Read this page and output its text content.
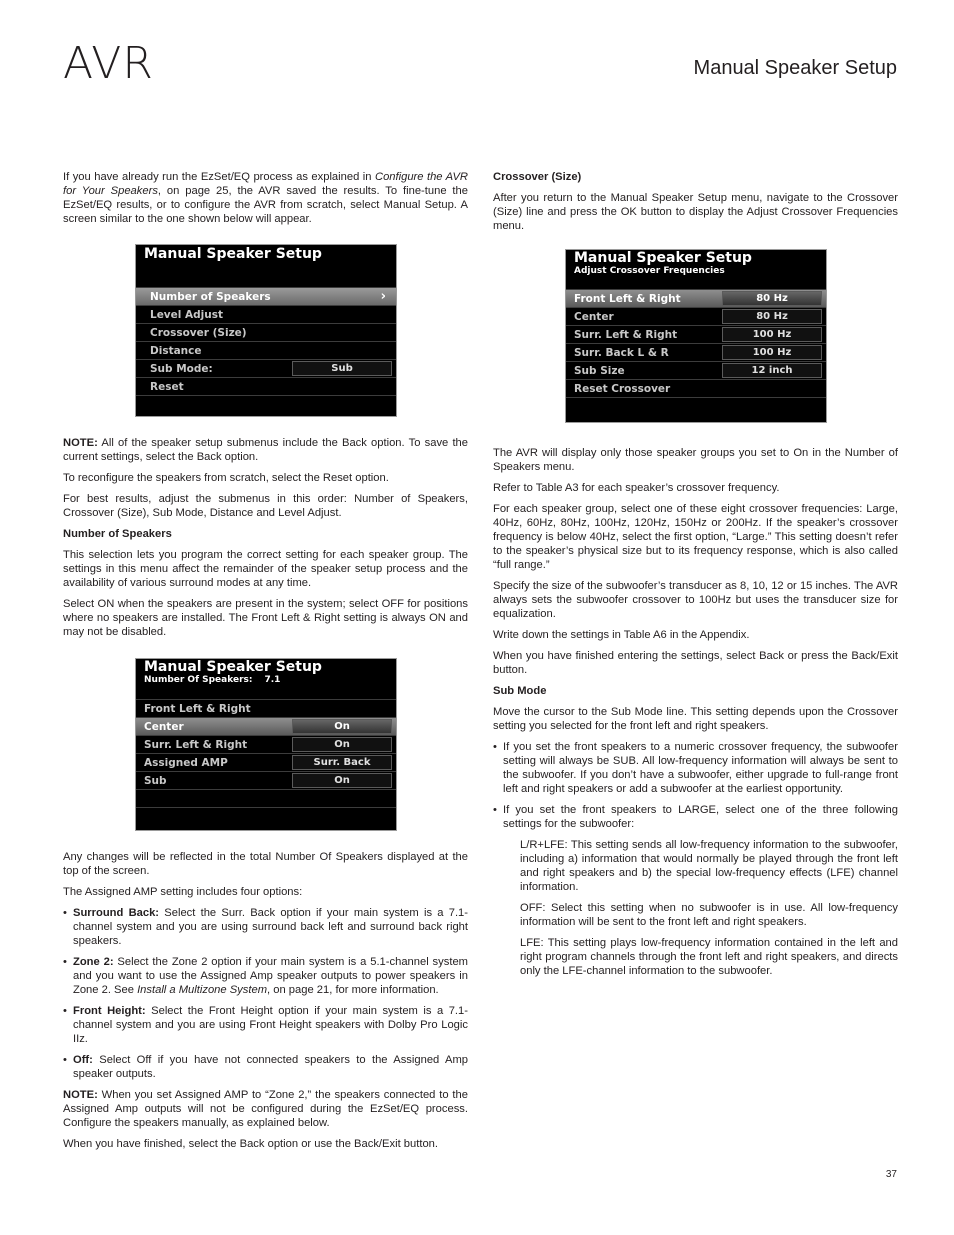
AVR	Manual Speaker Setup

If you have already run the EzSet/EQ process as explained in Configure the AVR for Your Speakers, on page 25, the AVR saved the results. To fine-tune the EzSet/EQ results, or to configure the AVR from scratch, select Manual Setup. A screen similar to the one shown below will appear.

Manual Speaker Setup
Number of Speakers	›
Level Adjust
Crossover (Size)
Distance
Sub Mode:	Sub
Reset

NOTE: All of the speaker setup submenus include the Back option. To save the current settings, select the Back option.

To reconfigure the speakers from scratch, select the Reset option.

For best results, adjust the submenus in this order: Number of Speakers, Crossover (Size), Sub Mode, Distance and Level Adjust.

Number of Speakers

This selection lets you program the correct setting for each speaker group. The settings in this menu affect the remainder of the speaker setup process and the availability of various surround modes at any time.

Select ON when the speakers are present in the system; select OFF for positions where no speakers are installed. The Front Left & Right setting is always ON and may not be disabled.

Manual Speaker Setup
Number Of Speakers: 7.1
Front Left & Right
Center	On
Surr. Left & Right	On
Assigned AMP	Surr. Back
Sub	On

Any changes will be reflected in the total Number Of Speakers displayed at the top of the screen.

The Assigned AMP setting includes four options:

• Surround Back: Select the Surr. Back option if your main system is a 7.1-channel system and you are using surround back left and surround back right speakers.
• Zone 2: Select the Zone 2 option if your main system is a 5.1-channel system and you want to use the Assigned Amp speaker outputs to power speakers in Zone 2. See Install a Multizone System, on page 21, for more information.
• Front Height: Select the Front Height option if your main system is a 7.1-channel system and you are using Front Height speakers with Dolby Pro Logic IIz.
• Off: Select Off if you have not connected speakers to the Assigned Amp speaker outputs.

NOTE: When you set Assigned AMP to “Zone 2,” the speakers connected to the Assigned Amp outputs will not be configured during the EzSet/EQ process. Configure the speakers manually, as explained below.

When you have finished, select the Back option or use the Back/Exit button.

Crossover (Size)

After you return to the Manual Speaker Setup menu, navigate to the Crossover (Size) line and press the OK button to display the Adjust Crossover Frequencies menu.

Manual Speaker Setup
Adjust Crossover Frequencies
Front Left & Right	80 Hz
Center	80 Hz
Surr. Left & Right	100 Hz
Surr. Back L & R	100 Hz
Sub Size	12 inch
Reset Crossover

The AVR will display only those speaker groups you set to On in the Number of Speakers menu.

Refer to Table A3 for each speaker’s crossover frequency.

For each speaker group, select one of these eight crossover frequencies: Large, 40Hz, 60Hz, 80Hz, 100Hz, 120Hz, 150Hz or 200Hz. If the speaker’s crossover frequency is below 40Hz, select the first option, “Large.” This setting doesn’t refer to the speaker’s physical size but to its frequency response, which is also called “full range.”

Specify the size of the subwoofer’s transducer as 8, 10, 12 or 15 inches. The AVR always sets the subwoofer crossover to 100Hz but uses the transducer size for equalization.

Write down the settings in Table A6 in the Appendix.

When you have finished entering the settings, select Back or press the Back/Exit button.

Sub Mode

Move the cursor to the Sub Mode line. This setting depends upon the Crossover setting you selected for the front left and right speakers.

• If you set the front speakers to a numeric crossover frequency, the subwoofer setting will always be SUB. All low-frequency information will always be sent to the subwoofer. If you don’t have a subwoofer, either upgrade to full-range front left and right speakers or add a subwoofer at the earliest opportunity.
• If you set the front speakers to LARGE, select one of the three following settings for the subwoofer:

L/R+LFE: This setting sends all low-frequency information to the subwoofer, including a) information that would normally be played through the front left and right speakers and b) the special low-frequency effects (LFE) channel information.

OFF: Select this setting when no subwoofer is in use. All low-frequency information will be sent to the front left and right speakers.

LFE: This setting plays low-frequency information contained in the left and right program channels through the front left and right speakers, and directs only the LFE-channel information to the subwoofer.

37
